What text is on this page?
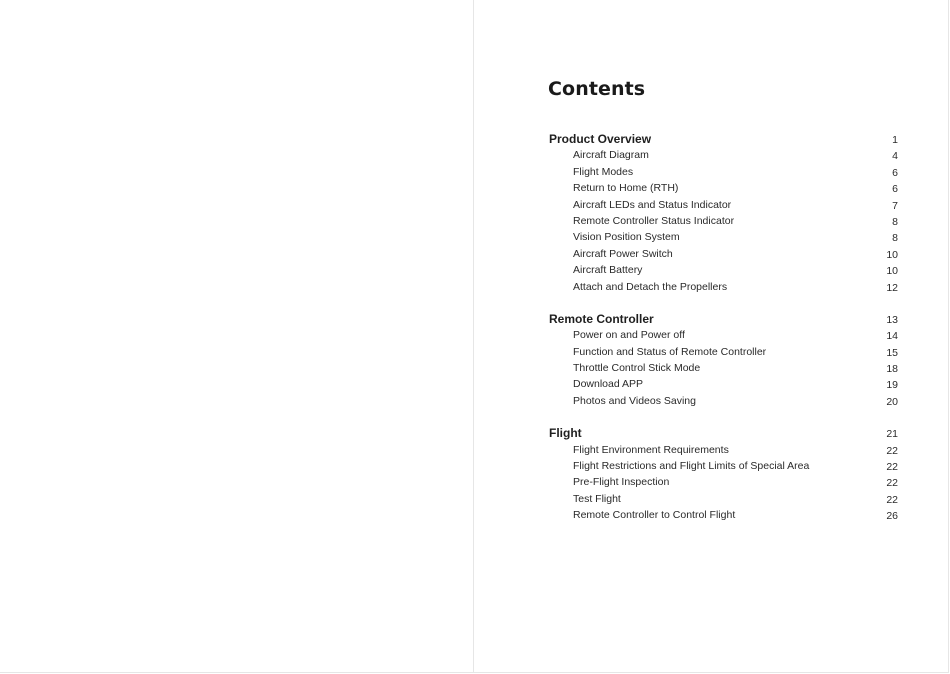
Contents
Product Overview	1
Aircraft Diagram	4
Flight Modes	6
Return to Home (RTH)	6
Aircraft LEDs and Status Indicator	7
Remote Controller Status Indicator	8
Vision Position System	8
Aircraft Power Switch	10
Aircraft Battery	10
Attach and Detach the Propellers	12
Remote Controller	13
Power on and Power off	14
Function and Status of Remote Controller	15
Throttle Control Stick Mode	18
Download APP	19
Photos and Videos Saving	20
Flight	21
Flight Environment Requirements	22
Flight Restrictions and Flight Limits of Special Area	22
Pre-Flight Inspection	22
Test Flight	22
Remote Controller to Control Flight	26
